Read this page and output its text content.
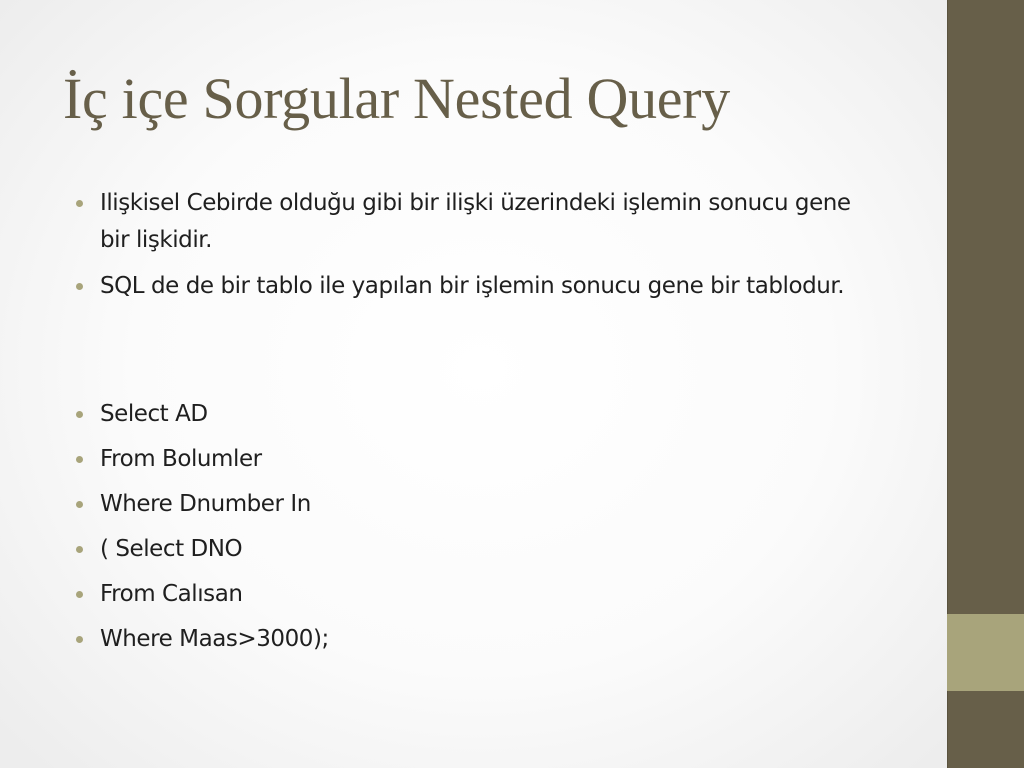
İç içe Sorgular Nested Query
Ilişkisel Cebirde olduğu gibi bir ilişki üzerindeki işlemin sonucu gene bir lişkidir.
SQL de de bir tablo ile yapılan bir işlemin sonucu gene bir tablodur.
Select AD
From Bolumler
Where Dnumber In
( Select DNO
From Calısan
Where Maas>3000);
